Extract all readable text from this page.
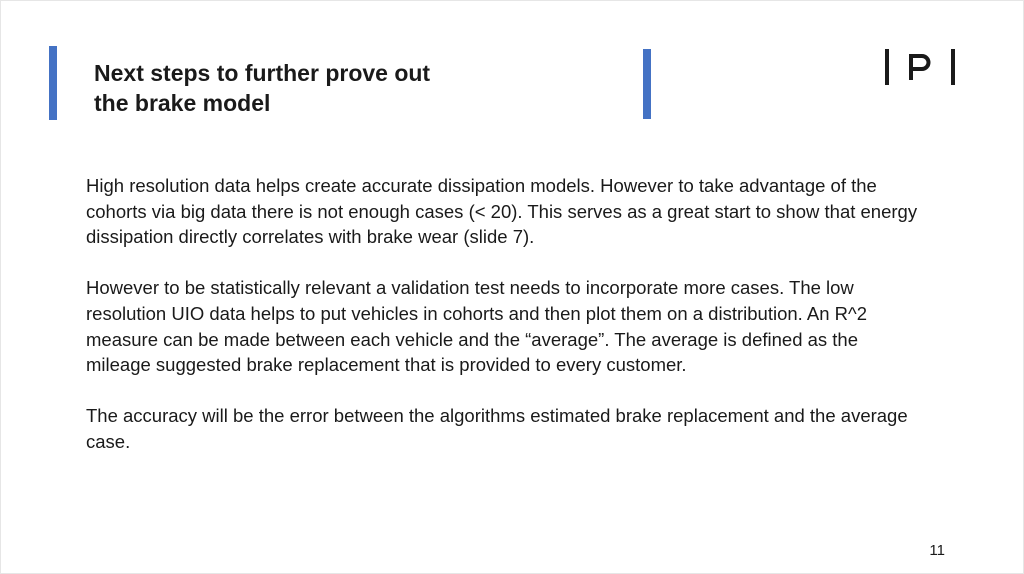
Next steps to further prove out
the brake model

High resolution data helps create accurate dissipation models. However to take advantage of the cohorts via big data there is not enough cases (< 20). This serves as a great start to show that energy dissipation directly correlates with brake wear (slide 7).

However to be statistically relevant a validation test needs to incorporate more cases. The low resolution UIO data helps to put vehicles in cohorts and then plot them on a distribution. An R^2 measure can be made between each vehicle and the “average”. The average is defined as the mileage suggested brake replacement that is provided to every customer.

The accuracy will be the error between the algorithms estimated brake replacement and the average case.

11
